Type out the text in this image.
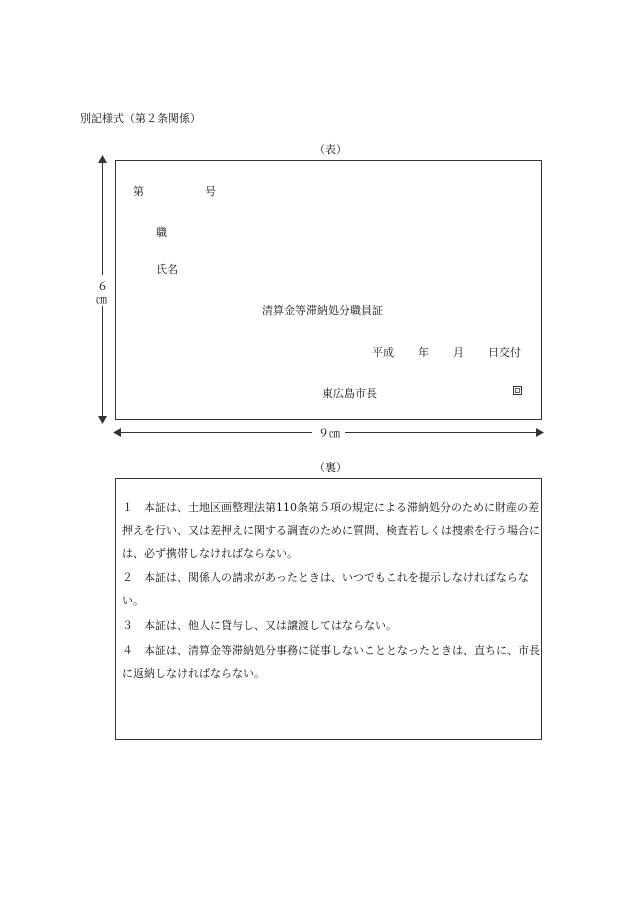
別記様式（第２条関係）
（表）
第	号
職
氏名
清算金等滞納処分職員証
平成 年 月 日交付
東広島市長
６
㎝
９㎝
（裏）
１ 本証は、土地区画整理法第110条第５項の規定による滞納処分のために財産の差押えを行い、又は差押えに関する調査のために質問、検査若しくは捜索を行う場合には、必ず携帯しなければならない。
２ 本証は、関係人の請求があったときは、いつでもこれを提示しなければならない。
３ 本証は、他人に貸与し、又は譲渡してはならない。
４ 本証は、清算金等滞納処分事務に従事しないこととなったときは、直ちに、市長に返納しなければならない。
